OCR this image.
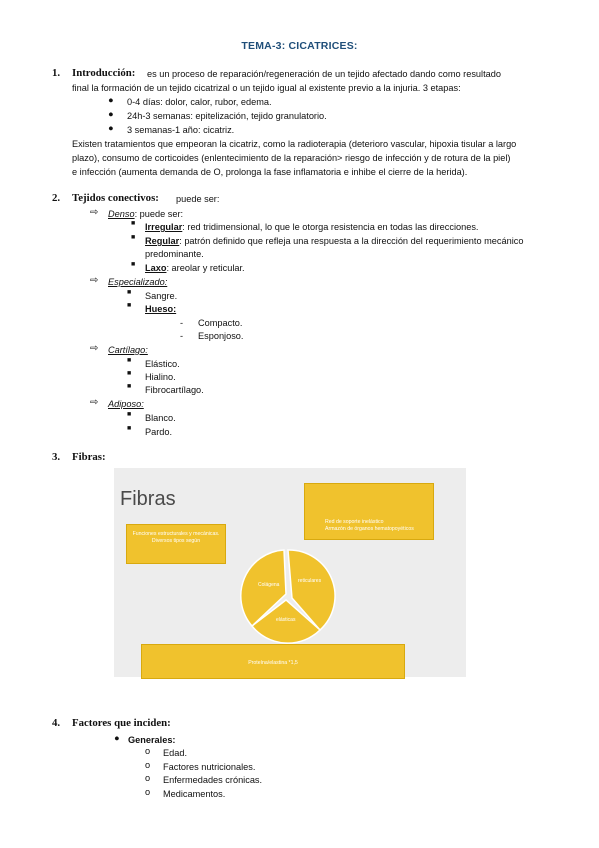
TEMA-3: CICATRICES:
1. Introducción: es un proceso de reparación/regeneración de un tejido afectado dando como resultado
final la formación de un tejido cicatrizal o un tejido igual al existente previo a la injuria. 3 etapas:
● 0-4 días: dolor, calor, rubor, edema.
● 24h-3 semanas: epitelización, tejido granulatorio.
● 3 semanas-1 año: cicatriz.
Existen tratamientos que empeoran la cicatriz, como la radioterapia (deterioro vascular, hipoxia tisular a largo
plazo), consumo de corticoides (enlentecimiento de la reparación> riesgo de infección y de rotura de la piel)
e infección (aumenta demanda de O, prolonga la fase inflamatoria e inhibe el cierre de la herida).
2. Tejidos conectivos: puede ser:
⇨ Denso: puede ser:
■ Irregular: red tridimensional, lo que le otorga resistencia en todas las direcciones.
■ Regular: patrón definido que refleja una respuesta a la dirección del requerimiento mecánico
predominante.
■ Laxo: areolar y reticular.
⇨ Especializado:
■ Sangre.
■ Hueso:
- Compacto.
- Esponjoso.
⇨ Cartílago:
■ Elástico.
■ Hialino.
■ Fibrocartílago.
⇨ Adiposo:
■ Blanco.
■ Pardo.
3. Fibras:
Fibras
Red de soporte inelástico
Armazón de órganos hematopoyéticos
Funciones estructurales y mecánicas. Diversos tipos según
Colágena
reticulares
elásticas
Proteína/elastina *1,5
4. Factores que inciden:
● Generales:
o Edad.
o Factores nutricionales.
o Enfermedades crónicas.
o Medicamentos.
